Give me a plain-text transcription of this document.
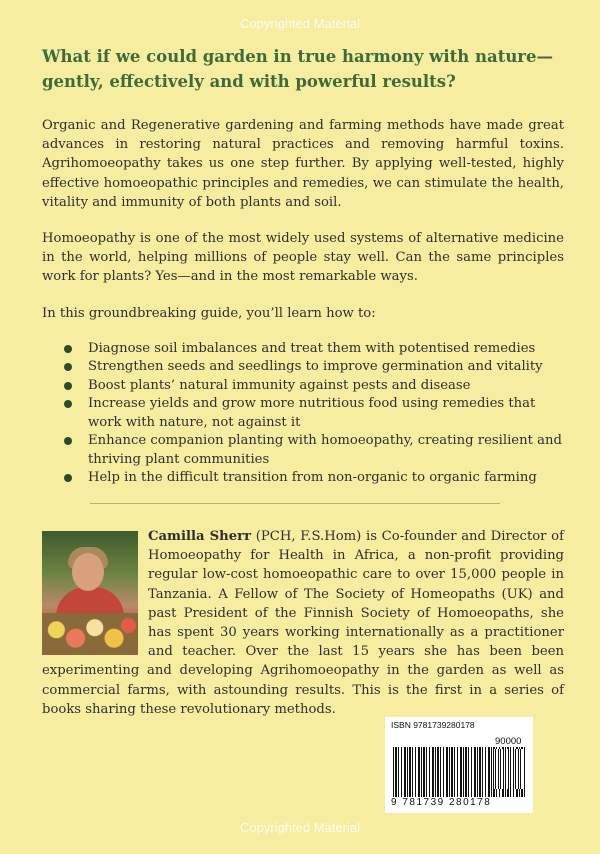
Copyrighted Material
What if we could garden in true harmony with nature—gently, effectively and with powerful results?

Organic and Regenerative gardening and farming methods have made great advances in restoring natural practices and removing harmful toxins. Agrihomoeopathy takes us one step further. By applying well-tested, highly effective homoeopathic principles and remedies, we can stimulate the health, vitality and immunity of both plants and soil.

Homoeopathy is one of the most widely used systems of alternative medicine in the world, helping millions of people stay well. Can the same principles work for plants? Yes—and in the most remarkable ways.

In this groundbreaking guide, you’ll learn how to:

Diagnose soil imbalances and treat them with potentised remedies
Strengthen seeds and seedlings to improve germination and vitality
Boost plants’ natural immunity against pests and disease
Increase yields and grow more nutritious food using remedies that work with nature, not against it
Enhance companion planting with homoeopathy, creating resilient and thriving plant communities
Help in the difficult transition from non-organic to organic farming
Camilla Sherr (PCH, F.S.Hom) is Co-founder and Director of Homoeopathy for Health in Africa, a non-profit providing regular low-cost homoeopathic care to over 15,000 people in Tanzania. A Fellow of The Society of Homeopaths (UK) and past President of the Finnish Society of Homoeopaths, she has spent 30 years working internationally as a practitioner and teacher. Over the last 15 years she has been been experimenting and developing Agrihomoeopathy in the garden as well as commercial farms, with astounding results. This is the first in a series of books sharing these revolutionary methods.
ISBN 9781739280178
90000
9 781739 280178
Copyrighted Material
